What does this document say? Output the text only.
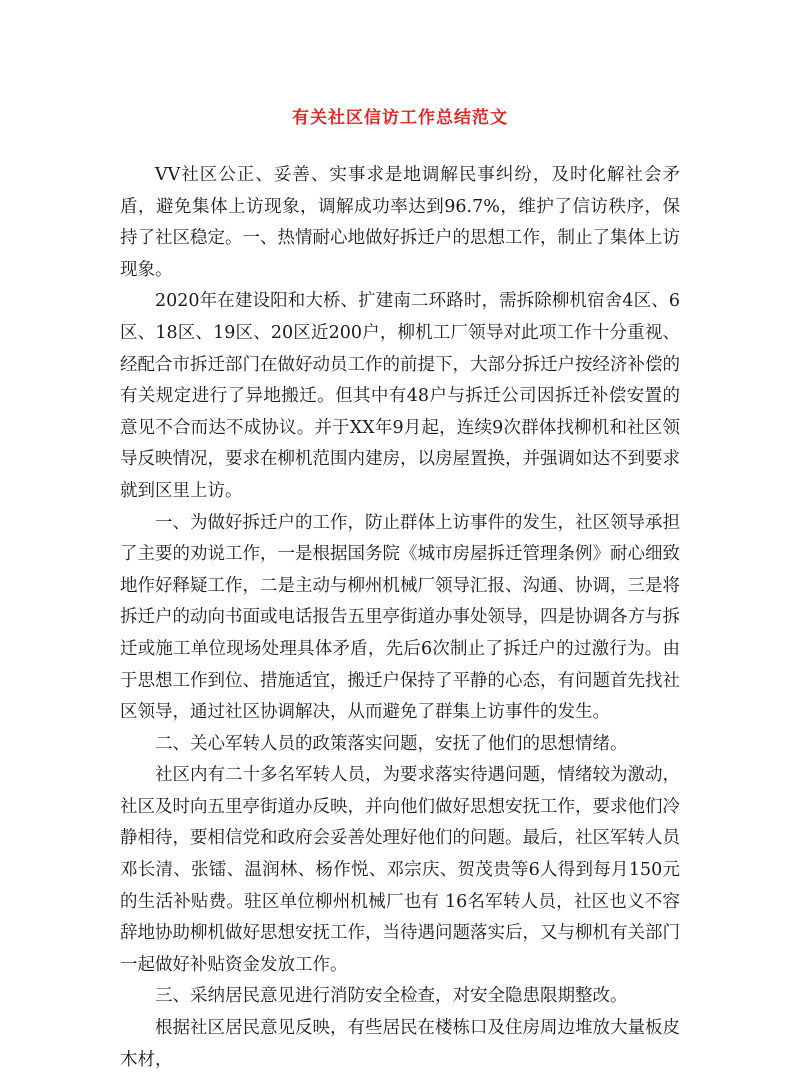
有关社区信访工作总结范文

VV社区公正、妥善、实事求是地调解民事纠纷，及时化解社会矛盾，避免集体上访现象，调解成功率达到96.7%，维护了信访秩序，保持了社区稳定。一、热情耐心地做好拆迁户的思想工作，制止了集体上访现象。

2020年在建设阳和大桥、扩建南二环路时，需拆除柳机宿舍4区、6区、18区、19区、20区近200户，柳机工厂领导对此项工作十分重视、经配合市拆迁部门在做好动员工作的前提下，大部分拆迁户按经济补偿的有关规定进行了异地搬迁。但其中有48户与拆迁公司因拆迁补偿安置的意见不合而达不成协议。并于XX年9月起，连续9次群体找柳机和社区领导反映情况，要求在柳机范围内建房，以房屋置换，并强调如达不到要求就到区里上访。

一、为做好拆迁户的工作，防止群体上访事件的发生，社区领导承担了主要的劝说工作，一是根据国务院《城市房屋拆迁管理条例》耐心细致地作好释疑工作，二是主动与柳州机械厂领导汇报、沟通、协调，三是将拆迁户的动向书面或电话报告五里亭街道办事处领导，四是协调各方与拆迁或施工单位现场处理具体矛盾，先后6次制止了拆迁户的过激行为。由于思想工作到位、措施适宜，搬迁户保持了平静的心态，有问题首先找社区领导，通过社区协调解决，从而避免了群集上访事件的发生。

二、关心军转人员的政策落实问题，安抚了他们的思想情绪。

社区内有二十多名军转人员，为要求落实待遇问题，情绪较为激动，社区及时向五里亭街道办反映，并向他们做好思想安抚工作，要求他们冷静相待，要相信党和政府会妥善处理好他们的问题。最后，社区军转人员邓长清、张镭、温润林、杨作悦、邓宗庆、贺茂贵等6人得到每月150元的生活补贴费。驻区单位柳州机械厂也有 16名军转人员，社区也义不容辞地协助柳机做好思想安抚工作，当待遇问题落实后，又与柳机有关部门一起做好补贴资金发放工作。

三、采纳居民意见进行消防安全检查，对安全隐患限期整改。

根据社区居民意见反映，有些居民在楼栋口及住房周边堆放大量板皮木材，
